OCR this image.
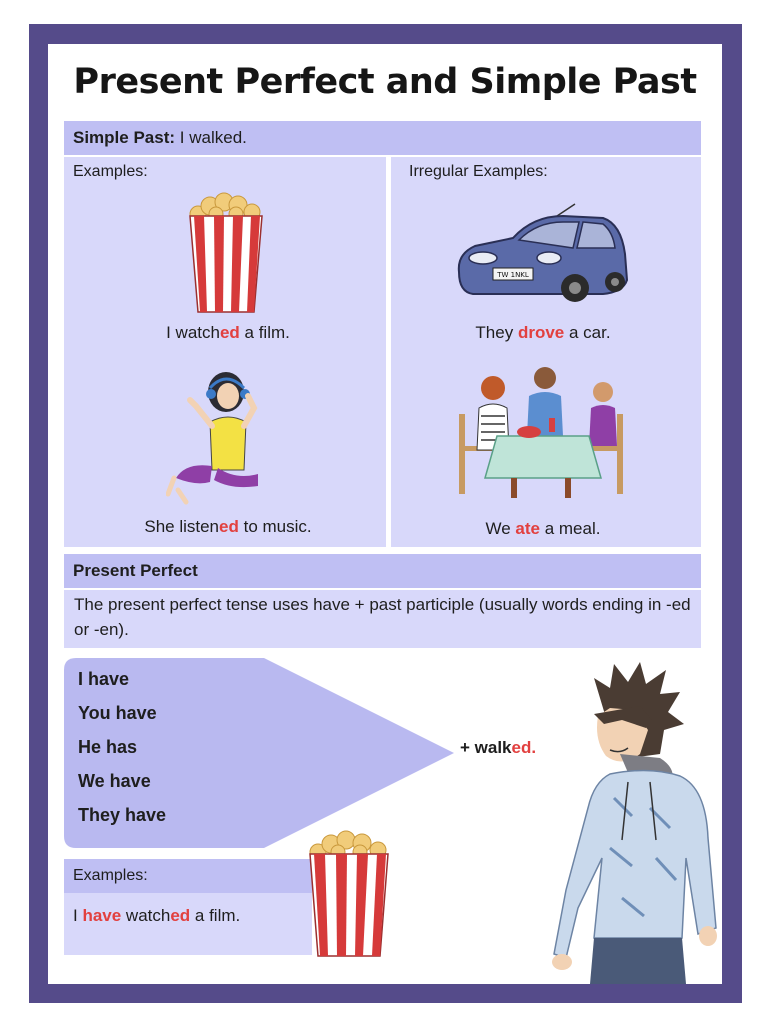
Present Perfect and Simple Past
Simple Past: I walked.
Examples:	Irregular Examples:
TW 1NKL
I watched a film.	They drove a car.
She listened to music.	We ate a meal.
Present Perfect
The present perfect tense uses have + past participle (usually words ending in -ed or -en).
I have
You have
He has
We have
They have
+ walked.
Examples:
I have watched a film.
